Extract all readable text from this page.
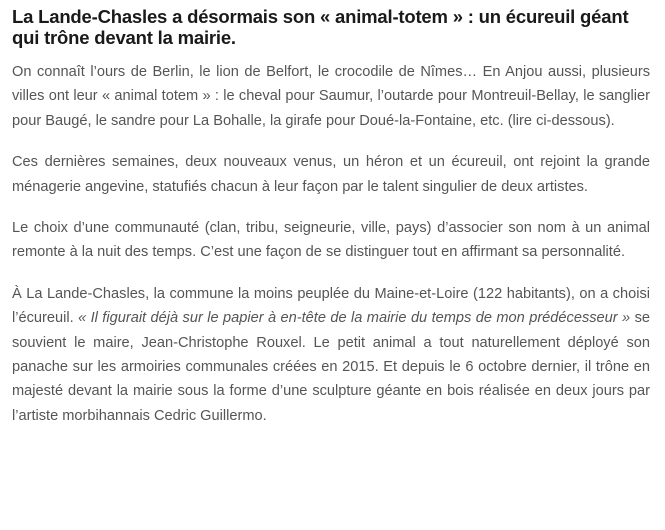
La Lande-Chasles a désormais son « animal-totem » : un écureuil géant qui trône devant la mairie.

On connaît l’ours de Berlin, le lion de Belfort, le crocodile de Nîmes… En Anjou aussi, plusieurs villes ont leur « animal totem » : le cheval pour Saumur, l’outarde pour Montreuil-Bellay, le sanglier pour Baugé, le sandre pour La Bohalle, la girafe pour Doué-la-Fontaine, etc. (lire ci-dessous).

Ces dernières semaines, deux nouveaux venus, un héron et un écureuil, ont rejoint la grande ménagerie angevine, statufiés chacun à leur façon par le talent singulier de deux artistes.

Le choix d’une communauté (clan, tribu, seigneurie, ville, pays) d’associer son nom à un animal remonte à la nuit des temps. C’est une façon de se distinguer tout en affirmant sa personnalité.

À La Lande-Chasles, la commune la moins peuplée du Maine-et-Loire (122 habitants), on a choisi l’écureuil. « Il figurait déjà sur le papier à en-tête de la mairie du temps de mon prédécesseur » se souvient le maire, Jean-Christophe Rouxel. Le petit animal a tout naturellement déployé son panache sur les armoiries communales créées en 2015. Et depuis le 6 octobre dernier, il trône en majesté devant la mairie sous la forme d’une sculpture géante en bois réalisée en deux jours par l’artiste morbihannais Cedric Guillermo.
